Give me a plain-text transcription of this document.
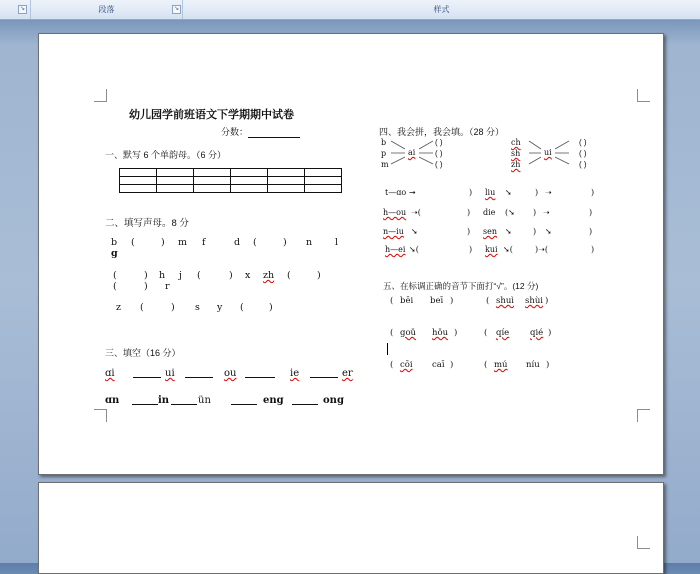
↘	段落	↘	样式
幼儿园学前班语文下学期期中试卷
分数：
一、默写 6 个单韵母。（6 分）

二、填写声母。8 分
b (	) m f	d (	) n l
g
(	) h j (	) x zh (	)
(	) r
z (	) s y (	)
三、填空（16 分）
ɑi	ui	ou	ie	er
ɑn	in	ün	eng	ong
四、我会拼，我会填。（28 分）
b
p
m
ai
( )
( )
( )
ch
sh
zh
ui
( )
( )
( )
t—ɑo ➞	) liu ➘	) ➝	)
h—ou ➝(	) die (➘ ) ➝	)
n—iu ➘	) sen ➘	) ➘	)
h—ei ➘(	) kui ➘(	)➝(	)
五、在标调正确的音节下面打“√”。(12 分)
( bēi beī )	( shuì shùi )
( goǔ hǒu )	( qíe qié )
( cōi caī )	( mú níu )
